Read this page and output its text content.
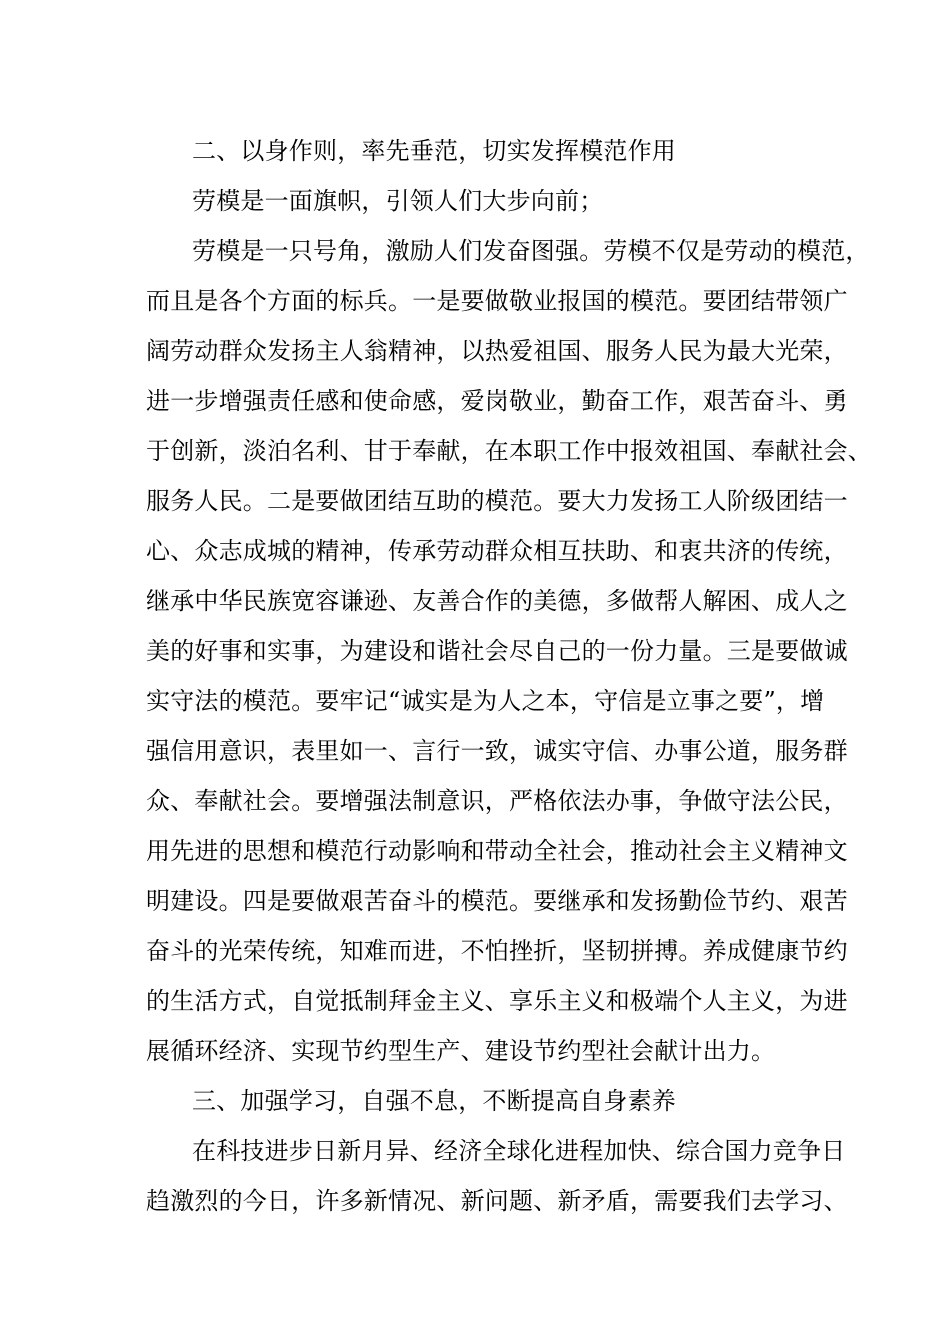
二、以身作则，率先垂范，切实发挥模范作用
劳模是一面旗帜，引领人们大步向前；
劳模是一只号角，激励人们发奋图强。劳模不仅是劳动的模范，
而且是各个方面的标兵。一是要做敬业报国的模范。要团结带领广
阔劳动群众发扬主人翁精神，以热爱祖国、服务人民为最大光荣，
进一步增强责任感和使命感，爱岗敬业，勤奋工作，艰苦奋斗、勇
于创新，淡泊名利、甘于奉献，在本职工作中报效祖国、奉献社会、
服务人民。二是要做团结互助的模范。要大力发扬工人阶级团结一
心、众志成城的精神，传承劳动群众相互扶助、和衷共济的传统，
继承中华民族宽容谦逊、友善合作的美德，多做帮人解困、成人之
美的好事和实事，为建设和谐社会尽自己的一份力量。三是要做诚
实守法的模范。要牢记“诚实是为人之本，守信是立事之要”，增
强信用意识，表里如一、言行一致，诚实守信、办事公道，服务群
众、奉献社会。要增强法制意识，严格依法办事，争做守法公民，
用先进的思想和模范行动影响和带动全社会，推动社会主义精神文
明建设。四是要做艰苦奋斗的模范。要继承和发扬勤俭节约、艰苦
奋斗的光荣传统，知难而进，不怕挫折，坚韧拼搏。养成健康节约
的生活方式，自觉抵制拜金主义、享乐主义和极端个人主义，为进
展循环经济、实现节约型生产、建设节约型社会献计出力。
三、加强学习，自强不息，不断提高自身素养
在科技进步日新月异、经济全球化进程加快、综合国力竞争日
趋激烈的今日，许多新情况、新问题、新矛盾，需要我们去学习、
